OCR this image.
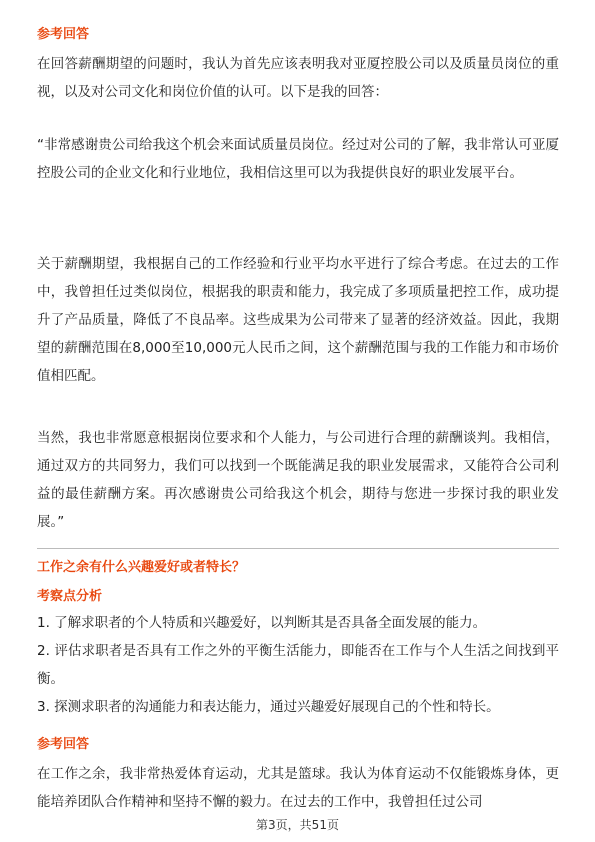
参考回答

在回答薪酬期望的问题时，我认为首先应该表明我对亚厦控股公司以及质量员岗位的重视，以及对公司文化和岗位价值的认可。以下是我的回答：

“非常感谢贵公司给我这个机会来面试质量员岗位。经过对公司的了解，我非常认可亚厦控股公司的企业文化和行业地位，我相信这里可以为我提供良好的职业发展平台。

关于薪酬期望，我根据自己的工作经验和行业平均水平进行了综合考虑。在过去的工作中，我曾担任过类似岗位，根据我的职责和能力，我完成了多项质量把控工作，成功提升了产品质量，降低了不良品率。这些成果为公司带来了显著的经济效益。因此，我期望的薪酬范围在8,000至10,000元人民币之间，这个薪酬范围与我的工作能力和市场价值相匹配。

当然，我也非常愿意根据岗位要求和个人能力，与公司进行合理的薪酬谈判。我相信，通过双方的共同努力，我们可以找到一个既能满足我的职业发展需求，又能符合公司利益的最佳薪酬方案。再次感谢贵公司给我这个机会，期待与您进一步探讨我的职业发展。”

工作之余有什么兴趣爱好或者特长？

考察点分析

1. 了解求职者的个人特质和兴趣爱好，以判断其是否具备全面发展的能力。

2. 评估求职者是否具有工作之外的平衡生活能力，即能否在工作与个人生活之间找到平衡。

3. 探测求职者的沟通能力和表达能力，通过兴趣爱好展现自己的个性和特长。

参考回答

在工作之余，我非常热爱体育运动，尤其是篮球。我认为体育运动不仅能锻炼身体，更能培养团队合作精神和坚持不懈的毅力。在过去的工作中，我曾担任过公司

第3页，共51页
